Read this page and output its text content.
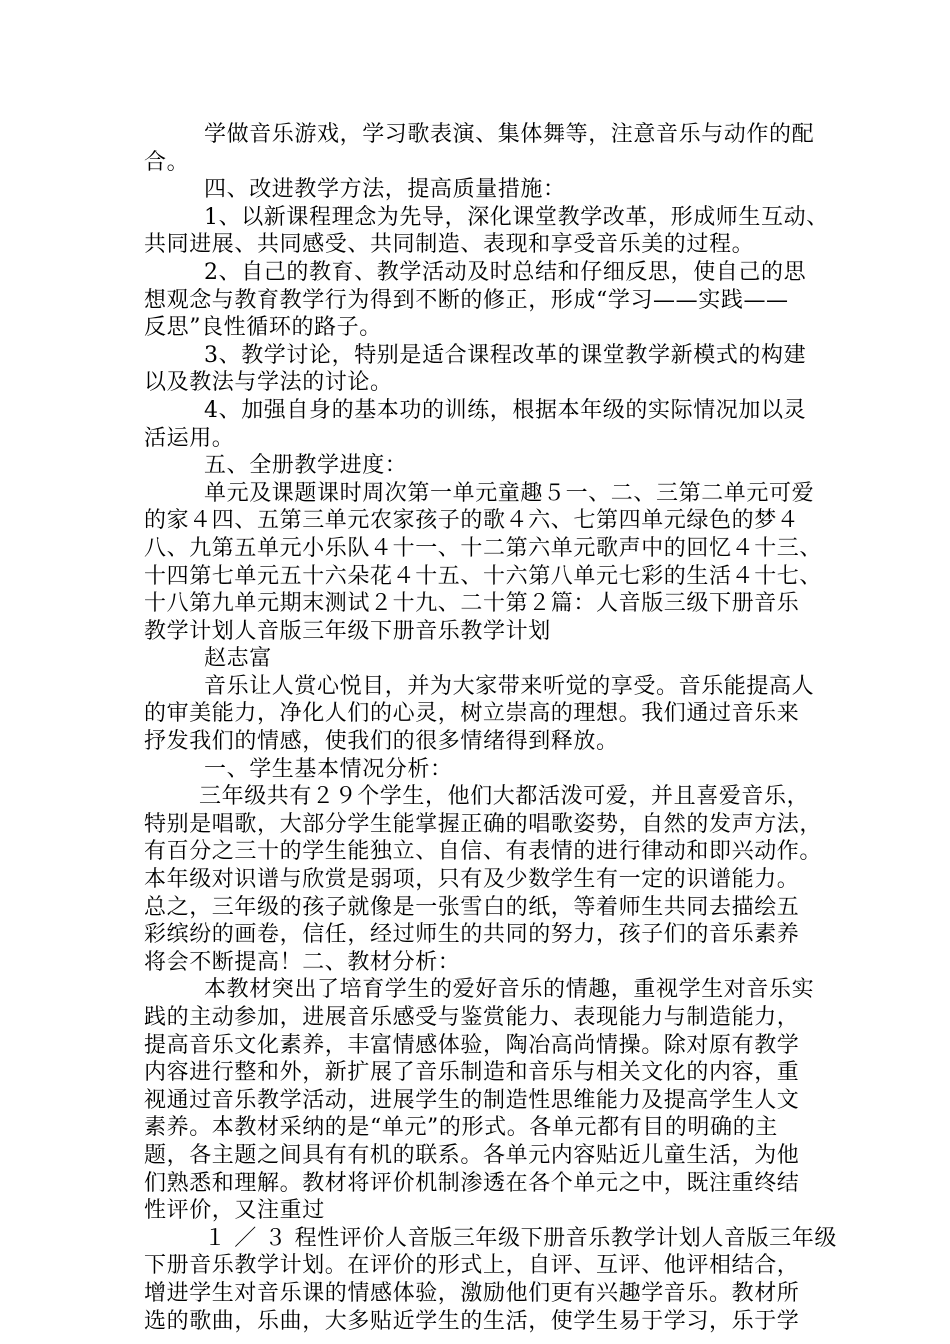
学做音乐游戏，学习歌表演、集体舞等，注意音乐与动作的配
合。
四、改进教学方法，提高质量措施：
1、以新课程理念为先导，深化课堂教学改革，形成师生互动、
共同进展、共同感受、共同制造、表现和享受音乐美的过程。
2、自己的教育、教学活动及时总结和仔细反思，使自己的思
想观念与教育教学行为得到不断的修正，形成“学习——实践——
反思”良性循环的路子。
3、教学讨论，特别是适合课程改革的课堂教学新模式的构建
以及教法与学法的讨论。
4、加强自身的基本功的训练，根据本年级的实际情况加以灵
活运用。
五、全册教学进度：
单元及课题课时周次第一单元童趣５一、二、三第二单元可爱
的家４四、五第三单元农家孩子的歌４六、七第四单元绿色的梦４
八、九第五单元小乐队４十一、十二第六单元歌声中的回忆４十三、
十四第七单元五十六朵花４十五、十六第八单元七彩的生活４十七、
十八第九单元期末测试２十九、二十第２篇：人音版三级下册音乐
教学计划人音版三年级下册音乐教学计划
赵志富
音乐让人赏心悦目，并为大家带来听觉的享受。音乐能提高人
的审美能力，净化人们的心灵，树立崇高的理想。我们通过音乐来
抒发我们的情感，使我们的很多情绪得到释放。
一、学生基本情况分析：
三年级共有２９个学生，他们大都活泼可爱，并且喜爱音乐，
特别是唱歌，大部分学生能掌握正确的唱歌姿势，自然的发声方法，
有百分之三十的学生能独立、自信、有表情的进行律动和即兴动作。
本年级对识谱与欣赏是弱项，只有及少数学生有一定的识谱能力。
总之，三年级的孩子就像是一张雪白的纸，等着师生共同去描绘五
彩缤纷的画卷，信任，经过师生的共同的努力，孩子们的音乐素养
将会不断提高！二、教材分析：
本教材突出了培育学生的爱好音乐的情趣，重视学生对音乐实
践的主动参加，进展音乐感受与鉴赏能力、表现能力与制造能力，
提高音乐文化素养，丰富情感体验，陶冶高尚情操。除对原有教学
内容进行整和外，新扩展了音乐制造和音乐与相关文化的内容，重
视通过音乐教学活动，进展学生的制造性思维能力及提高学生人文
素养。本教材采纳的是“单元”的形式。各单元都有目的明确的主
题，各主题之间具有有机的联系。各单元内容贴近儿童生活，为他
们熟悉和理解。教材将评价机制渗透在各个单元之中，既注重终结
性评价，又注重过
１ ／ ３ 程性评价人音版三年级下册音乐教学计划人音版三年级
下册音乐教学计划。在评价的形式上，自评、互评、他评相结合，
增进学生对音乐课的情感体验，激励他们更有兴趣学音乐。教材所
选的歌曲，乐曲，大多贴近学生的生活，使学生易于学习，乐于学
